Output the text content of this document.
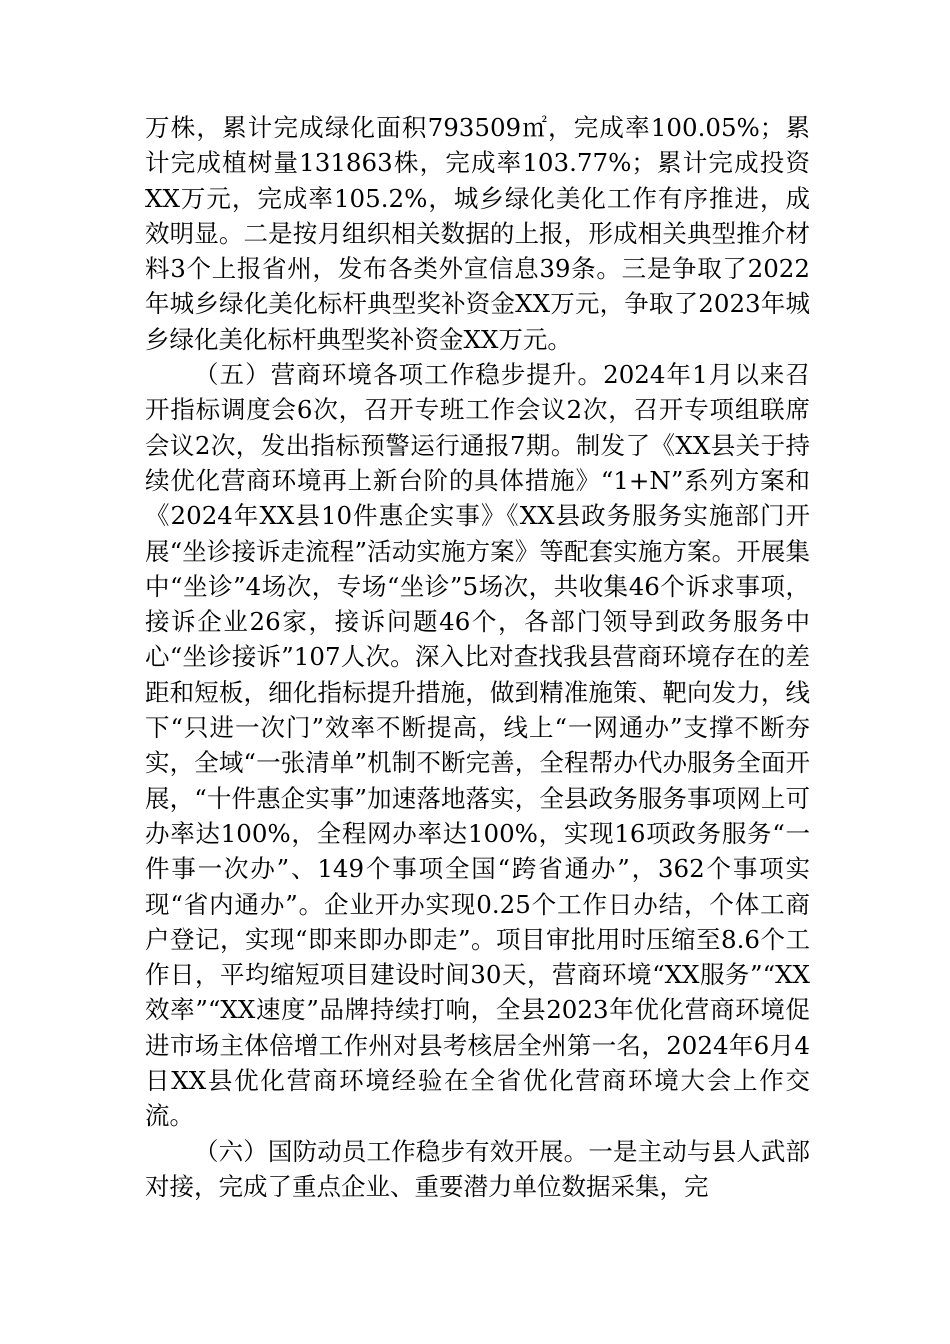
万株，累计完成绿化面积793509㎡，完成率100.05%；累计完成植树量131863株，完成率103.77%；累计完成投资XX万元，完成率105.2%，城乡绿化美化工作有序推进，成效明显。二是按月组织相关数据的上报，形成相关典型推介材料3个上报省州，发布各类外宣信息39条。三是争取了2022年城乡绿化美化标杆典型奖补资金XX万元，争取了2023年城乡绿化美化标杆典型奖补资金XX万元。

（五）营商环境各项工作稳步提升。2024年1月以来召开指标调度会6次，召开专班工作会议2次，召开专项组联席会议2次，发出指标预警运行通报7期。制发了《XX县关于持续优化营商环境再上新台阶的具体措施》“1+N”系列方案和《2024年XX县10件惠企实事》《XX县政务服务实施部门开展“坐诊接诉走流程”活动实施方案》等配套实施方案。开展集中“坐诊”4场次，专场“坐诊”5场次，共收集46个诉求事项，接诉企业26家，接诉问题46个，各部门领导到政务服务中心“坐诊接诉”107人次。深入比对查找我县营商环境存在的差距和短板，细化指标提升措施，做到精准施策、靶向发力，线下“只进一次门”效率不断提高，线上“一网通办”支撑不断夯实，全域“一张清单”机制不断完善，全程帮办代办服务全面开展，“十件惠企实事”加速落地落实，全县政务服务事项网上可办率达100%，全程网办率达100%，实现16项政务服务“一件事一次办”、149个事项全国“跨省通办”，362个事项实现“省内通办”。企业开办实现0.25个工作日办结，个体工商户登记，实现“即来即办即走”。项目审批用时压缩至8.6个工作日，平均缩短项目建设时间30天，营商环境“XX服务”“XX效率”“XX速度”品牌持续打响，全县2023年优化营商环境促进市场主体倍增工作州对县考核居全州第一名，2024年6月4日XX县优化营商环境经验在全省优化营商环境大会上作交流。

（六）国防动员工作稳步有效开展。一是主动与县人武部对接，完成了重点企业、重要潜力单位数据采集，完
